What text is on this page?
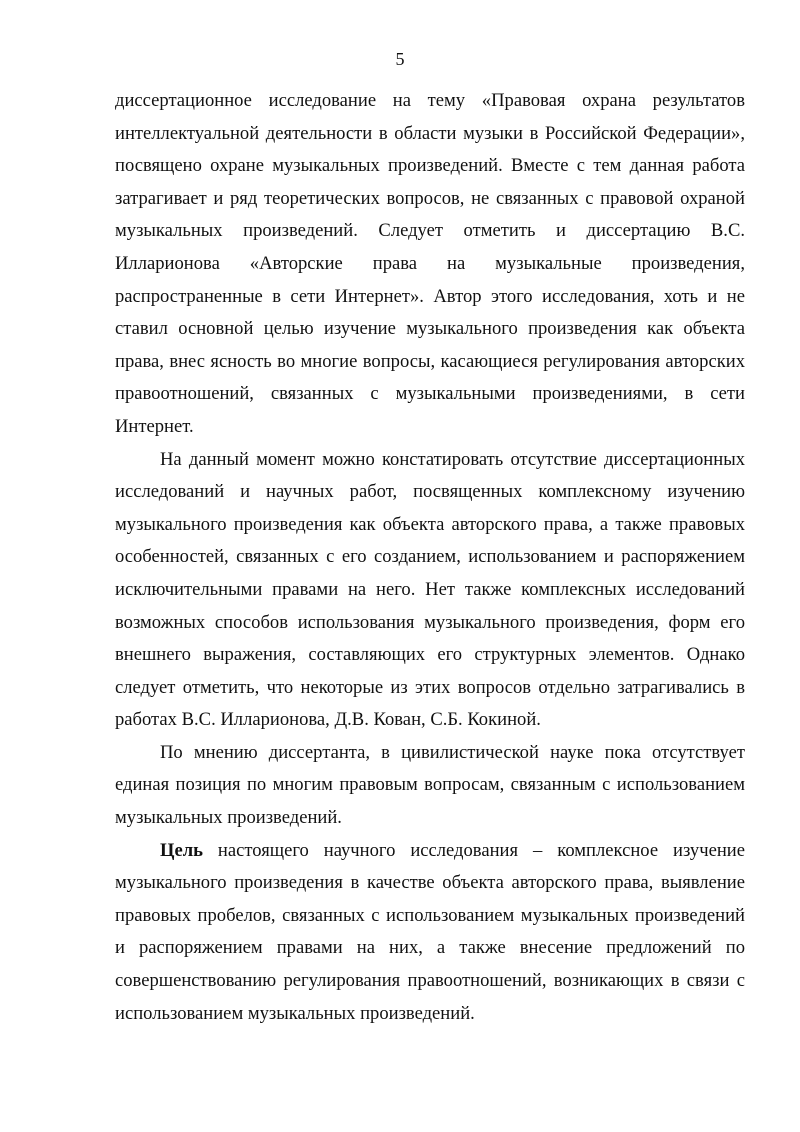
5

диссертационное исследование на тему «Правовая охрана результатов интеллектуальной деятельности в области музыки в Российской Федерации», посвящено охране музыкальных произведений. Вместе с тем данная работа затрагивает и ряд теоретических вопросов, не связанных с правовой охраной музыкальных произведений. Следует отметить и диссертацию В.С. Илларионова «Авторские права на музыкальные произведения, распространенные в сети Интернет». Автор этого исследования, хоть и не ставил основной целью изучение музыкального произведения как объекта права, внес ясность во многие вопросы, касающиеся регулирования авторских правоотношений, связанных с музыкальными произведениями, в сети Интернет.

На данный момент можно констатировать отсутствие диссертационных исследований и научных работ, посвященных комплексному изучению музыкального произведения как объекта авторского права, а также правовых особенностей, связанных с его созданием, использованием и распоряжением исключительными правами на него. Нет также комплексных исследований возможных способов использования музыкального произведения, форм его внешнего выражения, составляющих его структурных элементов. Однако следует отметить, что некоторые из этих вопросов отдельно затрагивались в работах В.С. Илларионова, Д.В. Кован, С.Б. Кокиной.

По мнению диссертанта, в цивилистической науке пока отсутствует единая позиция по многим правовым вопросам, связанным с использованием музыкальных произведений.

Цель настоящего научного исследования – комплексное изучение музыкального произведения в качестве объекта авторского права, выявление правовых пробелов, связанных с использованием музыкальных произведений и распоряжением правами на них, а также внесение предложений по совершенствованию регулирования правоотношений, возникающих в связи с использованием музыкальных произведений.
